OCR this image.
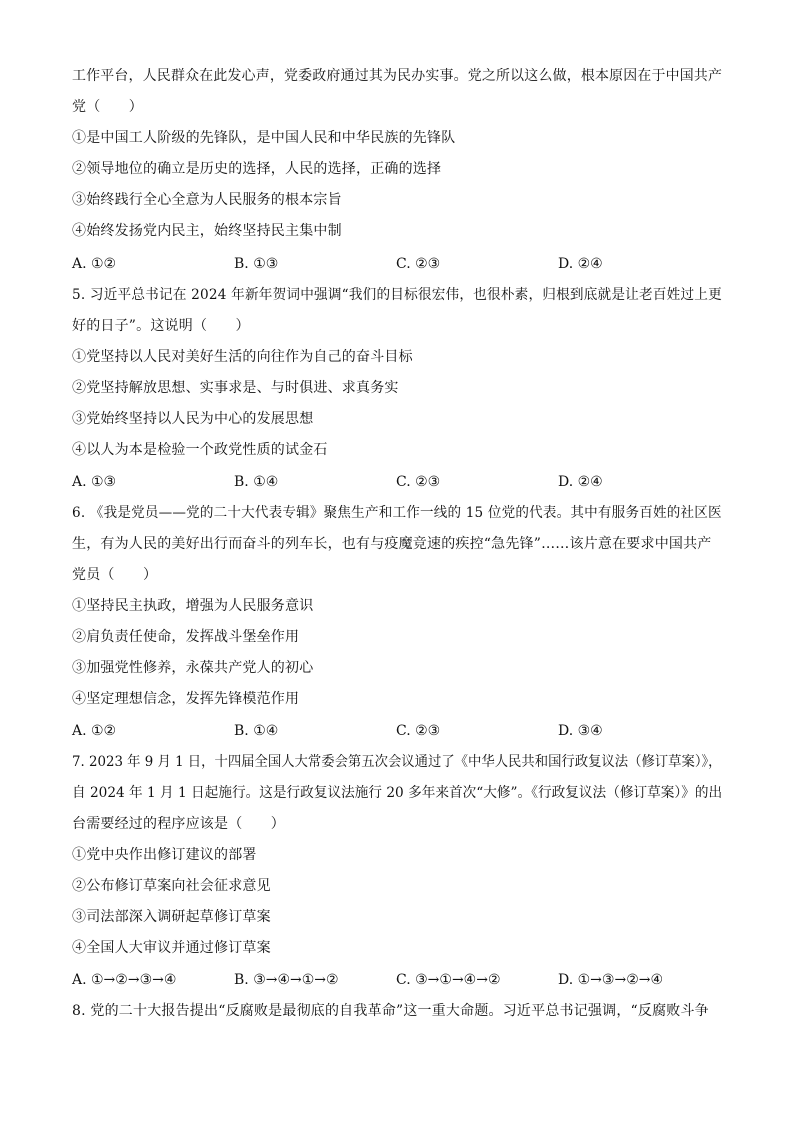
工作平台，人民群众在此发心声，党委政府通过其为民办实事。党之所以这么做，根本原因在于中国共产
党（　　）
①是中国工人阶级的先锋队，是中国人民和中华民族的先锋队
②领导地位的确立是历史的选择，人民的选择，正确的选择
③始终践行全心全意为人民服务的根本宗旨
④始终发扬党内民主，始终坚持民主集中制
A. ①②	B. ①③	C. ②③	D. ②④
5. 习近平总书记在 2024 年新年贺词中强调“我们的目标很宏伟，也很朴素，归根到底就是让老百姓过上更
好的日子”。这说明（　　）
①党坚持以人民对美好生活的向往作为自己的奋斗目标
②党坚持解放思想、实事求是、与时俱进、求真务实
③党始终坚持以人民为中心的发展思想
④以人为本是检验一个政党性质的试金石
A. ①③	B. ①④	C. ②③	D. ②④
6. 《我是党员——党的二十大代表专辑》聚焦生产和工作一线的 15 位党的代表。其中有服务百姓的社区医
生，有为人民的美好出行而奋斗的列车长，也有与疫魔竞速的疾控“急先锋”……该片意在要求中国共产
党员（　　）
①坚持民主执政，增强为人民服务意识
②肩负责任使命，发挥战斗堡垒作用
③加强党性修养，永葆共产党人的初心
④坚定理想信念，发挥先锋模范作用
A. ①②	B. ①④	C. ②③	D. ③④
7. 2023 年 9 月 1 日，十四届全国人大常委会第五次会议通过了《中华人民共和国行政复议法（修订草案）》，
自 2024 年 1 月 1 日起施行。这是行政复议法施行 20 多年来首次“大修”。《行政复议法（修订草案）》的出
台需要经过的程序应该是（　　）
①党中央作出修订建议的部署
②公布修订草案向社会征求意见
③司法部深入调研起草修订草案
④全国人大审议并通过修订草案
A. ①→②→③→④	B. ③→④→①→②	C. ③→①→④→②	D. ①→③→②→④
8. 党的二十大报告提出“反腐败是最彻底的自我革命”这一重大命题。习近平总书记强调，“反腐败斗争
